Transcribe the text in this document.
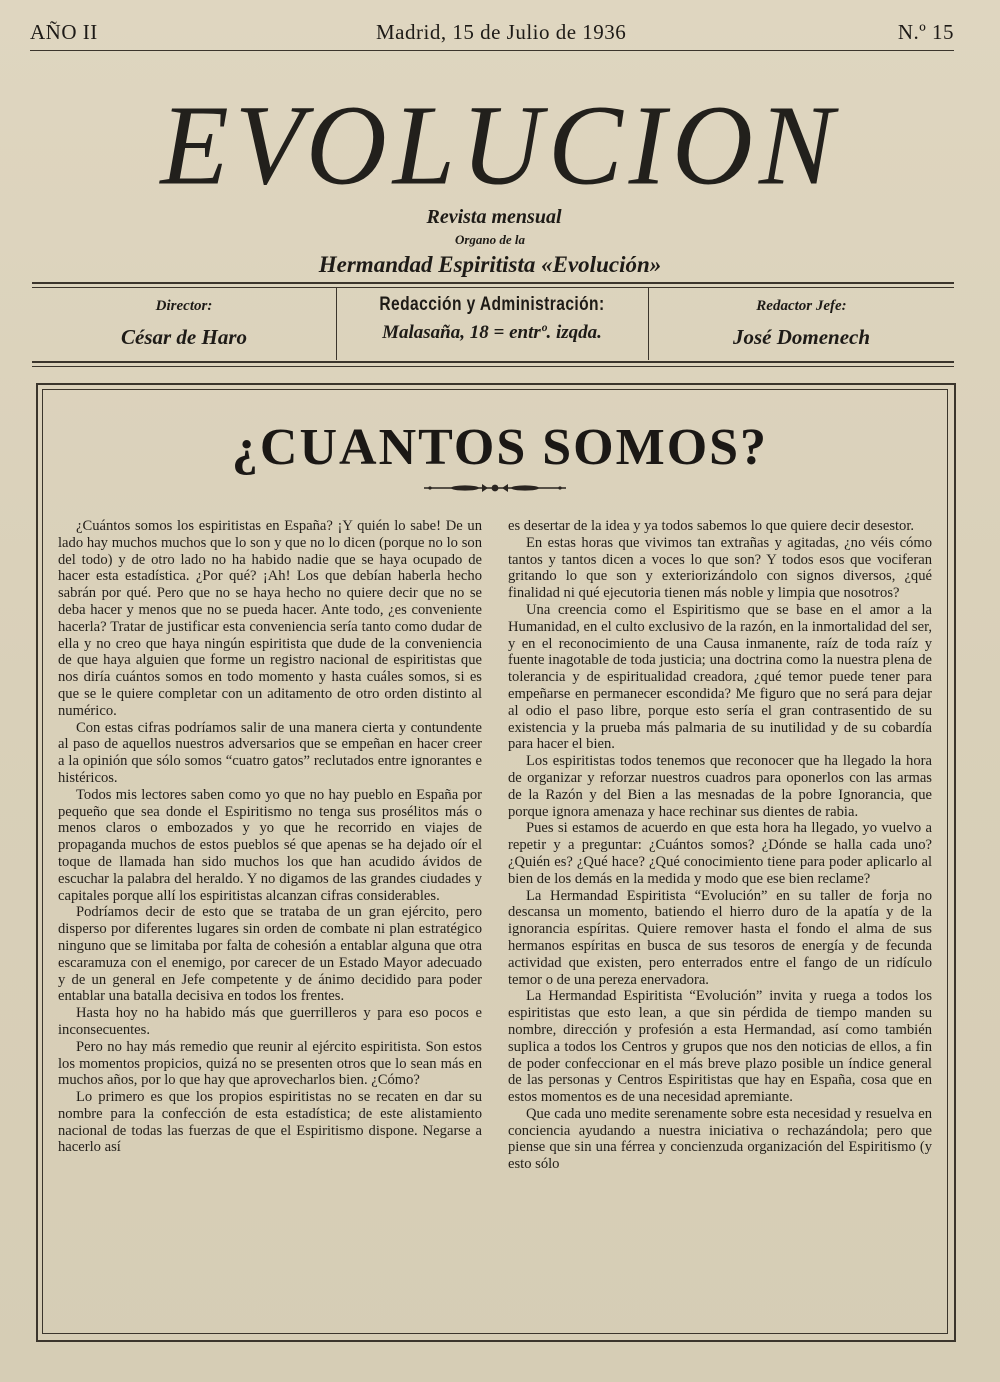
AÑO II	Madrid, 15 de Julio de 1936	N.º 15
EVOLUCION
Revista mensual
Organo de la
Hermandad Espiritista «Evolución»
Director:
César de Haro
Redacción y Administración:
Malasaña, 18 = entrº. izqda.
Redactor Jefe:
José Domenech
¿CUANTOS SOMOS?

¿Cuántos somos los espiritistas en España? ¡Y quién lo sabe! De un lado hay muchos muchos que lo son y que no lo dicen (porque no lo son del todo) y de otro lado no ha habido nadie que se haya ocupado de hacer esta estadística. ¿Por qué? ¡Ah! Los que debían haberla hecho sabrán por qué. Pero que no se haya hecho no quiere decir que no se deba hacer y menos que no se pueda hacer. Ante todo, ¿es conveniente hacerla? Tratar de justificar esta conveniencia sería tanto como dudar de ella y no creo que haya ningún espiritista que dude de la conveniencia de que haya alguien que forme un registro nacional de espiritistas que nos diría cuántos somos en todo momento y hasta cuáles somos, si es que se le quiere completar con un aditamento de otro orden distinto al numérico.

Con estas cifras podríamos salir de una manera cierta y contundente al paso de aquellos nuestros adversarios que se empeñan en hacer creer a la opinión que sólo somos “cuatro gatos” reclutados entre ignorantes e histéricos.

Todos mis lectores saben como yo que no hay pueblo en España por pequeño que sea donde el Espiritismo no tenga sus prosélitos más o menos claros o embozados y yo que he recorrido en viajes de propaganda muchos de estos pueblos sé que apenas se ha dejado oír el toque de llamada han sido muchos los que han acudido ávidos de escuchar la palabra del heraldo. Y no digamos de las grandes ciudades y capitales porque allí los espiritistas alcanzan cifras considerables.

Podríamos decir de esto que se trataba de un gran ejército, pero disperso por diferentes lugares sin orden de combate ni plan estratégico ninguno que se limitaba por falta de cohesión a entablar alguna que otra escaramuza con el enemigo, por carecer de un Estado Mayor adecuado y de un general en Jefe competente y de ánimo decidido para poder entablar una batalla decisiva en todos los frentes.

Hasta hoy no ha habido más que guerrilleros y para eso pocos e inconsecuentes.

Pero no hay más remedio que reunir al ejército espiritista. Son estos los momentos propicios, quizá no se presenten otros que lo sean más en muchos años, por lo que hay que aprovecharlos bien. ¿Cómo?

Lo primero es que los propios espiritistas no se recaten en dar su nombre para la confección de esta estadística; de este alistamiento nacional de todas las fuerzas de que el Espiritismo dispone. Negarse a hacerlo así

es desertar de la idea y ya todos sabemos lo que quiere decir desestor.

En estas horas que vivimos tan extrañas y agitadas, ¿no véis cómo tantos y tantos dicen a voces lo que son? Y todos esos que vociferan gritando lo que son y exteriorizándolo con signos diversos, ¿qué finalidad ni qué ejecutoria tienen más noble y limpia que nosotros?

Una creencia como el Espiritismo que se base en el amor a la Humanidad, en el culto exclusivo de la razón, en la inmortalidad del ser, y en el reconocimiento de una Causa inmanente, raíz de toda raíz y fuente inagotable de toda justicia; una doctrina como la nuestra plena de tolerancia y de espiritualidad creadora, ¿qué temor puede tener para empeñarse en permanecer escondida? Me figuro que no será para dejar al odio el paso libre, porque esto sería el gran contrasentido de su existencia y la prueba más palmaria de su inutilidad y de su cobardía para hacer el bien.

Los espiritistas todos tenemos que reconocer que ha llegado la hora de organizar y reforzar nuestros cuadros para oponerlos con las armas de la Razón y del Bien a las mesnadas de la pobre Ignorancia, que porque ignora amenaza y hace rechinar sus dientes de rabia.

Pues si estamos de acuerdo en que esta hora ha llegado, yo vuelvo a repetir y a preguntar: ¿Cuántos somos? ¿Dónde se halla cada uno? ¿Quién es? ¿Qué hace? ¿Qué conocimiento tiene para poder aplicarlo al bien de los demás en la medida y modo que ese bien reclame?

La Hermandad Espiritista “Evolución” en su taller de forja no descansa un momento, batiendo el hierro duro de la apatía y de la ignorancia espíritas. Quiere remover hasta el fondo el alma de sus hermanos espíritas en busca de sus tesoros de energía y de fecunda actividad que existen, pero enterrados entre el fango de un ridículo temor o de una pereza enervadora.

La Hermandad Espiritista “Evolución” invita y ruega a todos los espiritistas que esto lean, a que sin pérdida de tiempo manden su nombre, dirección y profesión a esta Hermandad, así como también suplica a todos los Centros y grupos que nos den noticias de ellos, a fin de poder confeccionar en el más breve plazo posible un índice general de las personas y Centros Espiritistas que hay en España, cosa que en estos momentos es de una necesidad apremiante.

Que cada uno medite serenamente sobre esta necesidad y resuelva en conciencia ayudando a nuestra iniciativa o rechazándola; pero que piense que sin una férrea y concienzuda organización del Espiritismo (y esto sólo
